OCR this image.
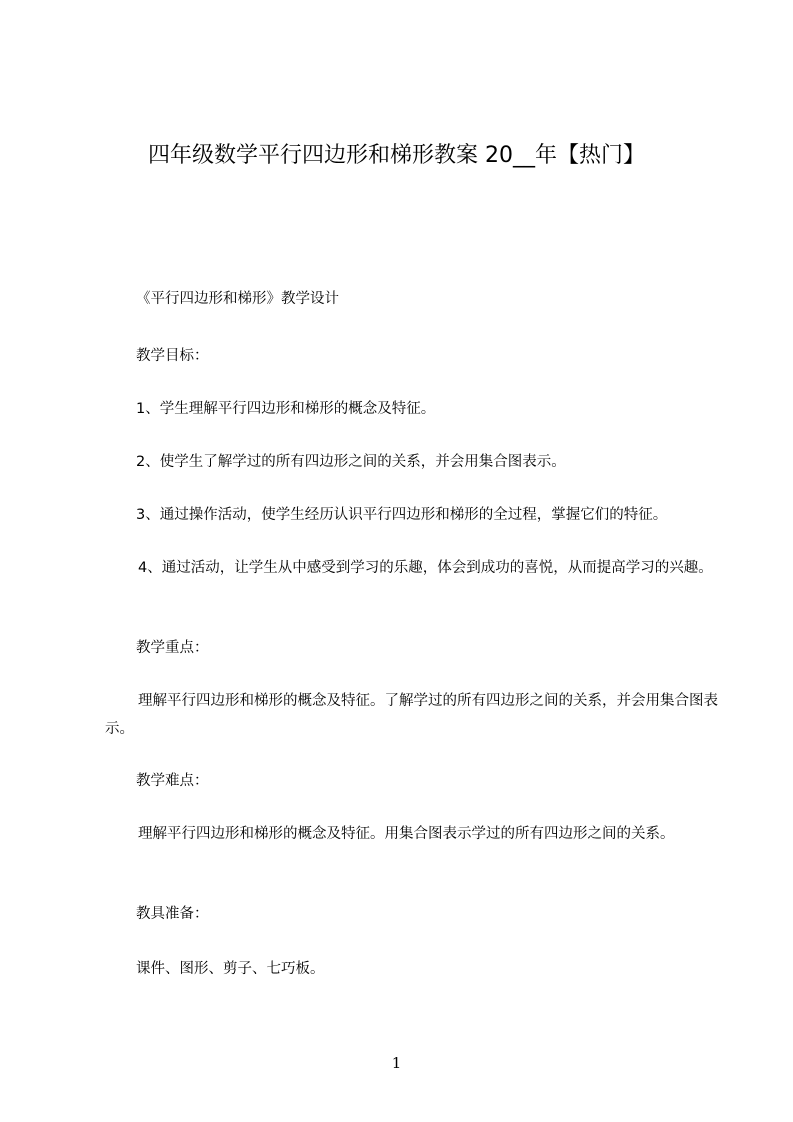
四年级数学平行四边形和梯形教案 20__年【热门】
《平行四边形和梯形》教学设计
教学目标：
1、学生理解平行四边形和梯形的概念及特征。
2、使学生了解学过的所有四边形之间的关系，并会用集合图表示。
3、通过操作活动，使学生经历认识平行四边形和梯形的全过程，掌握它们的特征。
4、通过活动，让学生从中感受到学习的乐趣，体会到成功的喜悦，从而提高学习的兴趣。
教学重点：
理解平行四边形和梯形的概念及特征。了解学过的所有四边形之间的关系，并会用集合图表示。
教学难点：
理解平行四边形和梯形的概念及特征。用集合图表示学过的所有四边形之间的关系。
教具准备：
课件、图形、剪子、七巧板。
1
